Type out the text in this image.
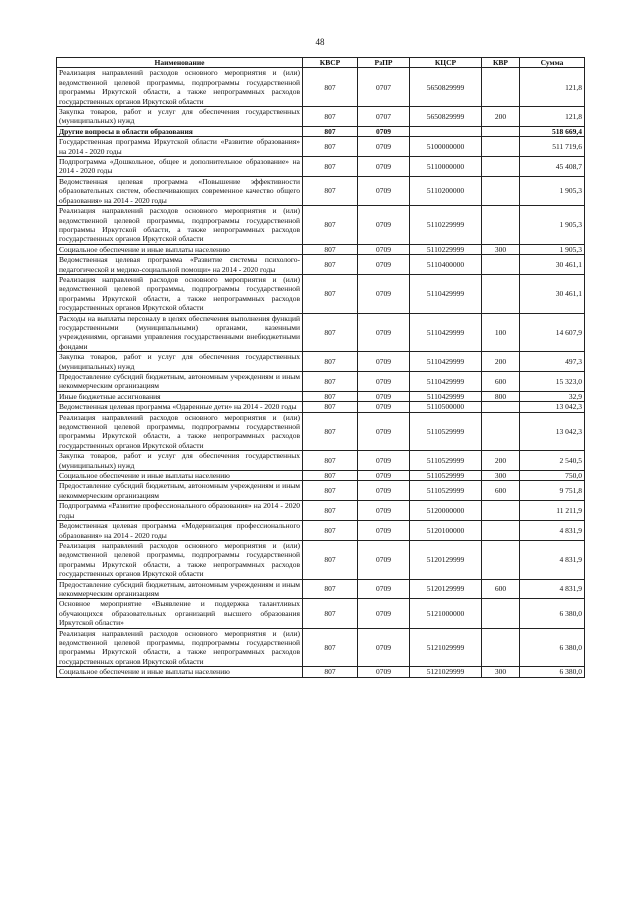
48
Наименование	КВСР	РзПР	КЦСР	КВР	Сумма
Реализация направлений расходов основного мероприятия и (или) ведомственной целевой программы, подпрограммы государственной программы Иркутской области, а также непрограммных расходов государственных органов Иркутской области	807	0707	5650829999		121,8
Закупка товаров, работ и услуг для обеспечения государственных (муниципальных) нужд	807	0707	5650829999	200	121,8
Другие вопросы в области образования	807	0709			518 669,4
Государственная программа Иркутской области «Развитие образования» на 2014 - 2020 годы	807	0709	5100000000		511 719,6
Подпрограмма «Дошкольное, общее и дополнительное образование» на 2014 - 2020 годы	807	0709	5110000000		45 408,7
Ведомственная целевая программа «Повышение эффективности образовательных систем, обеспечивающих современное качество общего образования» на 2014 - 2020 годы	807	0709	5110200000		1 905,3
Реализация направлений расходов основного мероприятия и (или) ведомственной целевой программы, подпрограммы государственной программы Иркутской области, а также непрограммных расходов государственных органов Иркутской области	807	0709	5110229999		1 905,3
Социальное обеспечение и иные выплаты населению	807	0709	5110229999	300	1 905,3
Ведомственная целевая программа «Развитие системы психолого-педагогической и медико-социальной помощи» на 2014 - 2020 годы	807	0709	5110400000		30 461,1
Реализация направлений расходов основного мероприятия и (или) ведомственной целевой программы, подпрограммы государственной программы Иркутской области, а также непрограммных расходов государственных органов Иркутской области	807	0709	5110429999		30 461,1
Расходы на выплаты персоналу в целях обеспечения выполнения функций государственными (муниципальными) органами, казенными учреждениями, органами управления государственными внебюджетными фондами	807	0709	5110429999	100	14 607,9
Закупка товаров, работ и услуг для обеспечения государственных (муниципальных) нужд	807	0709	5110429999	200	497,3
Предоставление субсидий бюджетным, автономным учреждениям и иным некоммерческим организациям	807	0709	5110429999	600	15 323,0
Иные бюджетные ассигнования	807	0709	5110429999	800	32,9
Ведомственная целевая программа «Одаренные дети» на 2014 - 2020 годы	807	0709	5110500000		13 042,3
Реализация направлений расходов основного мероприятия и (или) ведомственной целевой программы, подпрограммы государственной программы Иркутской области, а также непрограммных расходов государственных органов Иркутской области	807	0709	5110529999		13 042,3
Закупка товаров, работ и услуг для обеспечения государственных (муниципальных) нужд	807	0709	5110529999	200	2 540,5
Социальное обеспечение и иные выплаты населению	807	0709	5110529999	300	750,0
Предоставление субсидий бюджетным, автономным учреждениям и иным некоммерческим организациям	807	0709	5110529999	600	9 751,8
Подпрограмма «Развитие профессионального образования» на 2014 - 2020 годы	807	0709	5120000000		11 211,9
Ведомственная целевая программа «Модернизация профессионального образования» на 2014 - 2020 годы	807	0709	5120100000		4 831,9
Реализация направлений расходов основного мероприятия и (или) ведомственной целевой программы, подпрограммы государственной программы Иркутской области, а также непрограммных расходов государственных органов Иркутской области	807	0709	5120129999		4 831,9
Предоставление субсидий бюджетным, автономным учреждениям и иным некоммерческим организациям	807	0709	5120129999	600	4 831,9
Основное мероприятие «Выявление и поддержка талантливых обучающихся образовательных организаций высшего образования Иркутской области»	807	0709	5121000000		6 380,0
Реализация направлений расходов основного мероприятия и (или) ведомственной целевой программы, подпрограммы государственной программы Иркутской области, а также непрограммных расходов государственных органов Иркутской области	807	0709	5121029999		6 380,0
Социальное обеспечение и иные выплаты населению	807	0709	5121029999	300	6 380,0
